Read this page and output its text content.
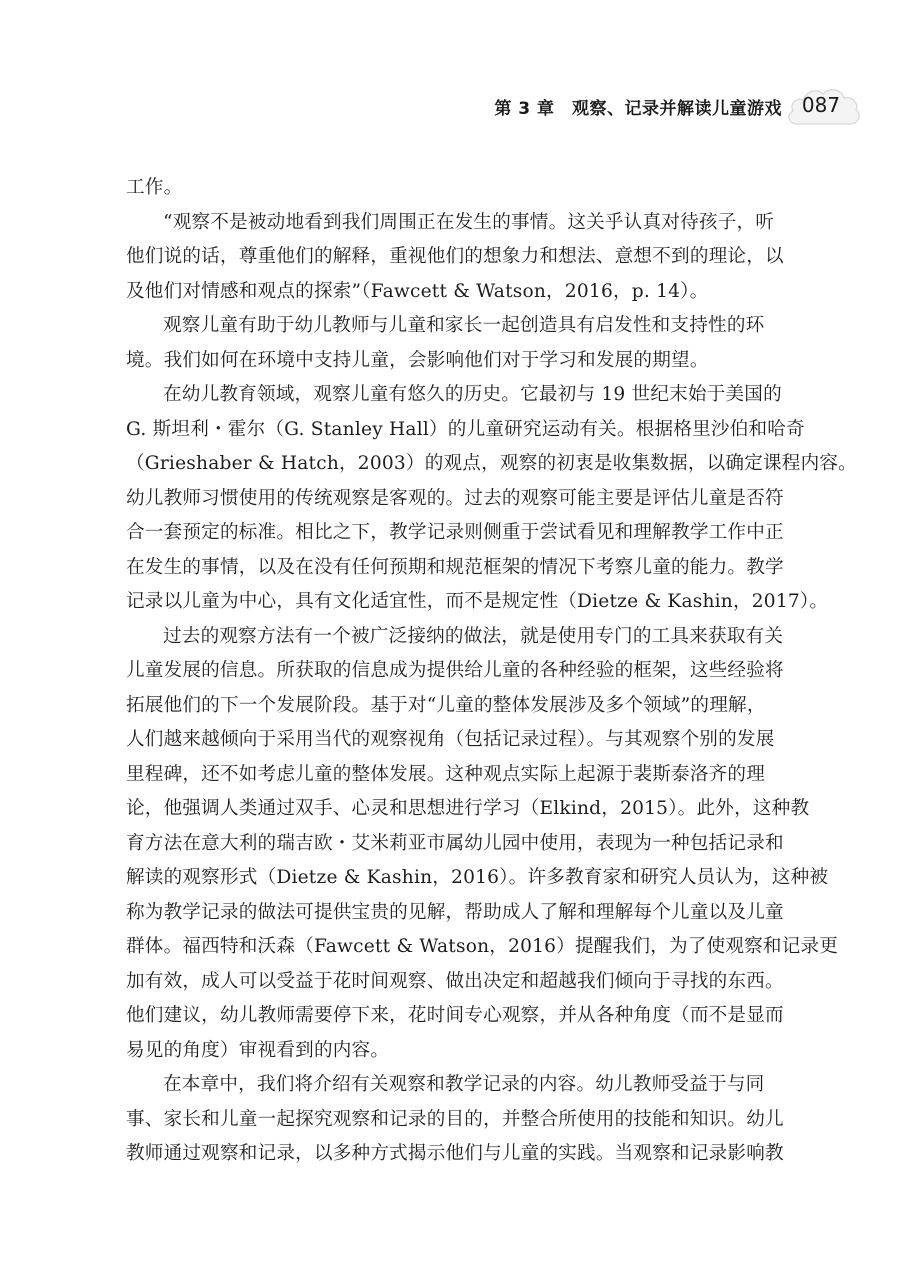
第 3 章　观察、记录并解读儿童游戏 087
工作。
“观察不是被动地看到我们周围正在发生的事情。这关乎认真对待孩子，听
他们说的话，尊重他们的解释，重视他们的想象力和想法、意想不到的理论，以
及他们对情感和观点的探索”（Fawcett & Watson，2016，p. 14）。
观察儿童有助于幼儿教师与儿童和家长一起创造具有启发性和支持性的环
境。我们如何在环境中支持儿童，会影响他们对于学习和发展的期望。
在幼儿教育领域，观察儿童有悠久的历史。它最初与 19 世纪末始于美国的
G. 斯坦利・霍尔（G. Stanley Hall）的儿童研究运动有关。根据格里沙伯和哈奇
（Grieshaber & Hatch，2003）的观点，观察的初衷是收集数据，以确定课程内容。
幼儿教师习惯使用的传统观察是客观的。过去的观察可能主要是评估儿童是否符
合一套预定的标准。相比之下，教学记录则侧重于尝试看见和理解教学工作中正
在发生的事情，以及在没有任何预期和规范框架的情况下考察儿童的能力。教学
记录以儿童为中心，具有文化适宜性，而不是规定性（Dietze & Kashin，2017）。
过去的观察方法有一个被广泛接纳的做法，就是使用专门的工具来获取有关
儿童发展的信息。所获取的信息成为提供给儿童的各种经验的框架，这些经验将
拓展他们的下一个发展阶段。基于对“儿童的整体发展涉及多个领域”的理解，
人们越来越倾向于采用当代的观察视角（包括记录过程）。与其观察个别的发展
里程碑，还不如考虑儿童的整体发展。这种观点实际上起源于裴斯泰洛齐的理
论，他强调人类通过双手、心灵和思想进行学习（Elkind，2015）。此外，这种教
育方法在意大利的瑞吉欧・艾米莉亚市属幼儿园中使用，表现为一种包括记录和
解读的观察形式（Dietze & Kashin，2016）。许多教育家和研究人员认为，这种被
称为教学记录的做法可提供宝贵的见解，帮助成人了解和理解每个儿童以及儿童
群体。福西特和沃森（Fawcett & Watson，2016）提醒我们，为了使观察和记录更
加有效，成人可以受益于花时间观察、做出决定和超越我们倾向于寻找的东西。
他们建议，幼儿教师需要停下来，花时间专心观察，并从各种角度（而不是显而
易见的角度）审视看到的内容。
在本章中，我们将介绍有关观察和教学记录的内容。幼儿教师受益于与同
事、家长和儿童一起探究观察和记录的目的，并整合所使用的技能和知识。幼儿
教师通过观察和记录，以多种方式揭示他们与儿童的实践。当观察和记录影响教
